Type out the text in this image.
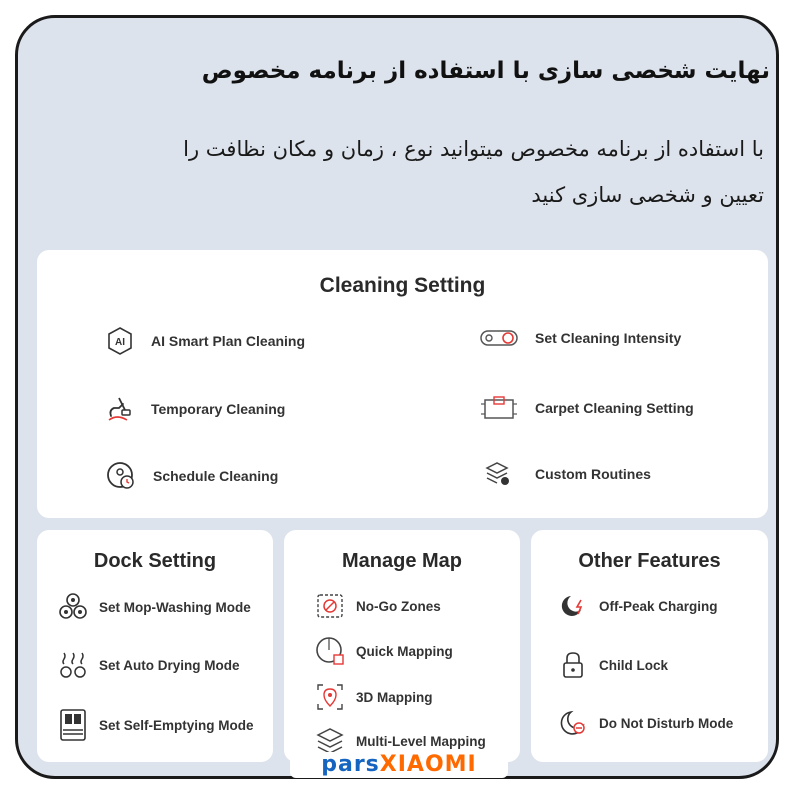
نهایت شخصی سازی با استفاده از برنامه مخصوص
با استفاده از برنامه مخصوص میتوانید نوع ، زمان و مکان نظافت را
تعیین و شخصی سازی کنید
Cleaning Setting
AI AI Smart Plan Cleaning
Temporary Cleaning
Schedule Cleaning
Set Cleaning Intensity
Carpet Cleaning Setting
Custom Routines
Dock Setting
Set Mop-Washing Mode
Set Auto Drying Mode
Set Self-Emptying Mode
Manage Map
No-Go Zones
Quick Mapping
3D Mapping
Multi-Level Mapping
Other Features
Off-Peak Charging
Child Lock
Do Not Disturb Mode
parsXIAOMI
